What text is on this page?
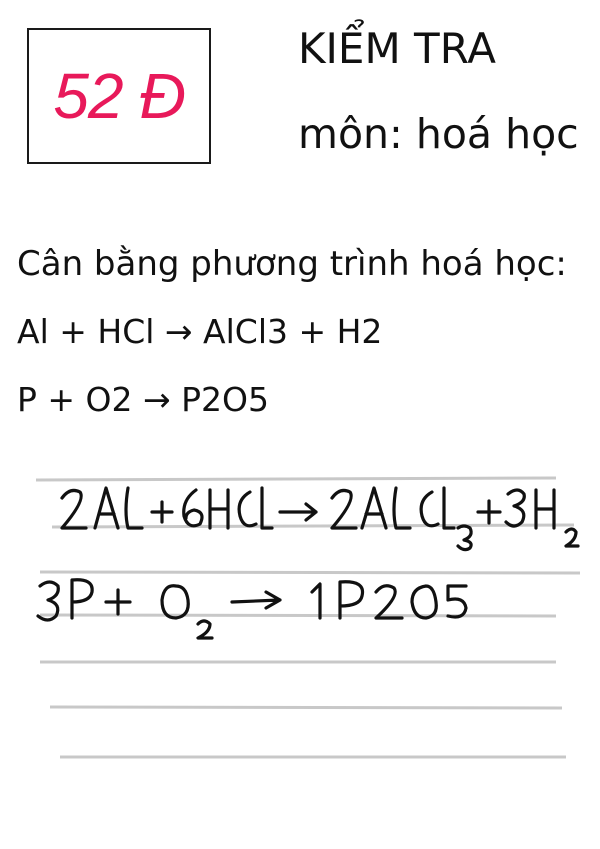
52 Đ
KIỂM TRA
môn: hoá học
Cân bằng phương trình hoá học:
Al + HCl → AlCl3 + H2
P + O2 → P2O5
